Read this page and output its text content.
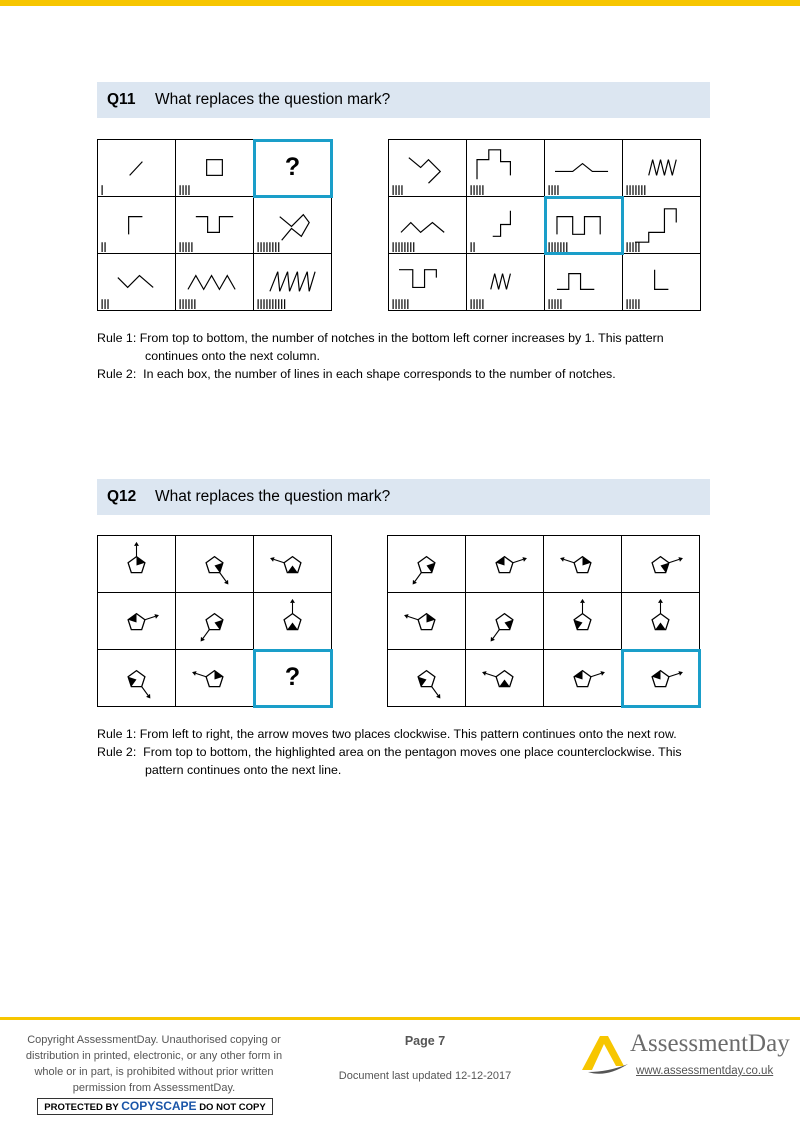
Q11	What replaces the question mark?
?
Rule 1: From top to bottom, the number of notches in the bottom left corner increases by 1. This pattern continues onto the next column.
Rule 2: In each box, the number of lines in each shape corresponds to the number of notches.
Q12	What replaces the question mark?
?
Rule 1: From left to right, the arrow moves two places clockwise. This pattern continues onto the next row.
Rule 2: From top to bottom, the highlighted area on the pentagon moves one place counterclockwise. This pattern continues onto the next line.
Copyright AssessmentDay. Unauthorised copying or distribution in printed, electronic, or any other form in whole or in part, is prohibited without prior written permission from AssessmentDay.
PROTECTED BY COPYSCAPE DO NOT COPY
Page 7
Document last updated 12-12-2017
AssessmentDay
www.assessmentday.co.uk
